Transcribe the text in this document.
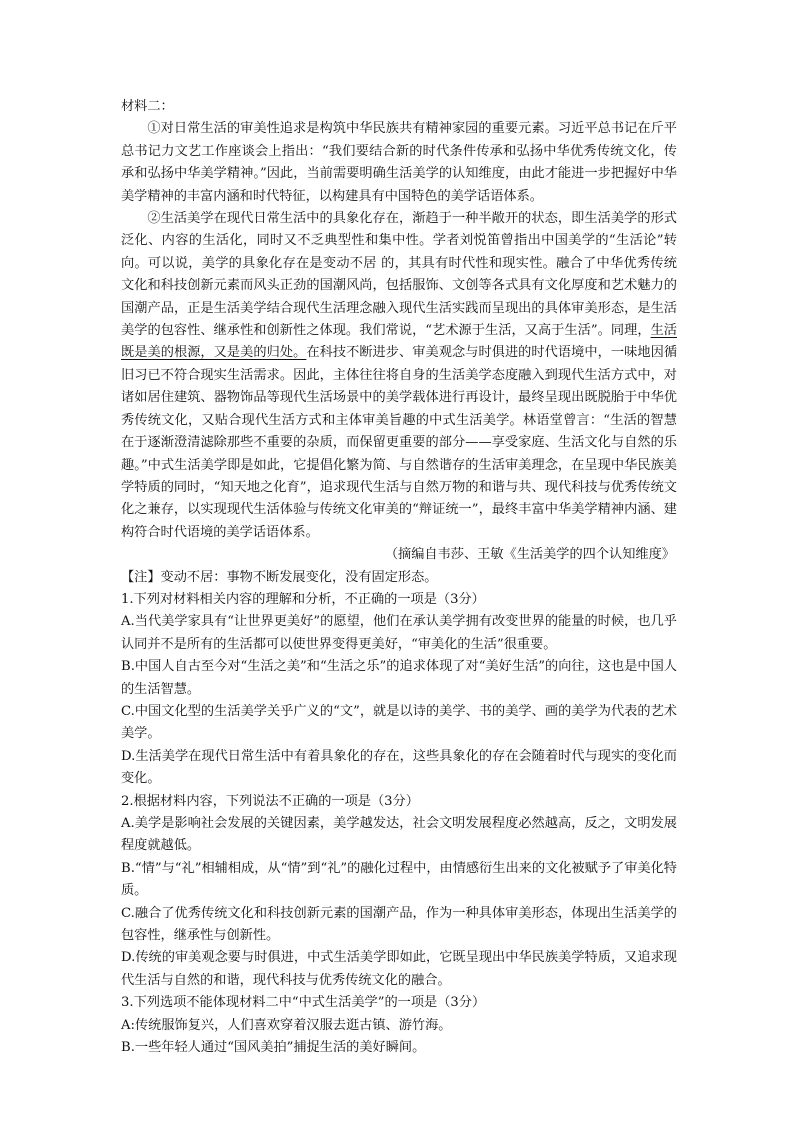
材料二：

①对日常生活的审美性追求是构筑中华民族共有精神家园的重要元素。习近平总书记在斤平总书记力文艺工作座谈会上指出：“我们要结合新的时代条件传承和弘扬中华优秀传统文化，传承和弘扬中华美学精神。”因此，当前需要明确生活美学的认知维度，由此才能进一步把握好中华美学精神的丰富内涵和时代特征，以构建具有中国特色的美学话语体系。

②生活美学在现代日常生活中的具象化存在，渐趋于一种半敞开的状态，即生活美学的形式泛化、内容的生活化，同时又不乏典型性和集中性。学者刘悦笛曾指出中国美学的“生活论”转向。可以说，美学的具象化存在是变动不居 的，其具有时代性和现实性。融合了中华优秀传统文化和科技创新元素而风头正劲的国潮风尚，包括服饰、文创等各式具有文化厚度和艺术魅力的国潮产品，正是生活美学结合现代生活理念融入现代生活实践而呈现出的具体审美形态，是生活美学的包容性、继承性和创新性之体现。我们常说，“艺术源于生活，又高于生活”。同理，生活既是美的根源，又是美的归处。在科技不断进步、审美观念与时俱进的时代语境中，一味地因循旧习已不符合现实生活需求。因此，主体往往将自身的生活美学态度融入到现代生活方式中，对诸如居住建筑、器物饰品等现代生活场景中的美学载体进行再设计，最终呈现出既脱胎于中华优秀传统文化，又贴合现代生活方式和主体审美旨趣的中式生活美学。林语堂曾言：“生活的智慧在于逐渐澄清滤除那些不重要的杂质，而保留更重要的部分——享受家庭、生活文化与自然的乐趣。”中式生活美学即是如此，它提倡化繁为简、与自然谐存的生活审美理念，在呈现中华民族美学特质的同时，“知天地之化育”，追求现代生活与自然万物的和谐与共、现代科技与优秀传统文化之兼存，以实现现代生活体验与传统文化审美的“辩证统一”，最终丰富中华美学精神内涵、建构符合时代语境的美学话语体系。

（摘编自韦莎、王敏《生活美学的四个认知维度》

【注】变动不居：事物不断发展变化，没有固定形态。

1.下列对材料相关内容的理解和分析，不正确的一项是（3分）

A.当代美学家具有“让世界更美好”的愿望，他们在承认美学拥有改变世界的能量的时候，也几乎认同并不是所有的生活都可以使世界变得更美好，“审美化的生活”很重要。

B.中国人自古至今对“生活之美”和“生活之乐”的追求体现了对“美好生活”的向往，这也是中国人的生活智慧。

C.中国文化型的生活美学关乎广义的“文”，就是以诗的美学、书的美学、画的美学为代表的艺术美学。

D.生活美学在现代日常生活中有着具象化的存在，这些具象化的存在会随着时代与现实的变化而变化。

2.根据材料内容，下列说法不正确的一项是（3分）

A.美学是影响社会发展的关键因素，美学越发达，社会文明发展程度必然越高，反之，文明发展程度就越低。

B.“情”与“礼”相辅相成，从“情”到“礼”的融化过程中，由情感衍生出来的文化被赋予了审美化特质。

C.融合了优秀传统文化和科技创新元素的国潮产品，作为一种具体审美形态，体现出生活美学的包容性，继承性与创新性。

D.传统的审美观念要与时俱进，中式生活美学即如此，它既呈现出中华民族美学特质，又追求现代生活与自然的和谐，现代科技与优秀传统文化的融合。

3.下列选项不能体现材料二中“中式生活美学”的一项是（3分）

A:传统服饰复兴，人们喜欢穿着汉服去逛古镇、游竹海。

B.一些年轻人通过“国风美拍”捕捉生活的美好瞬间。
